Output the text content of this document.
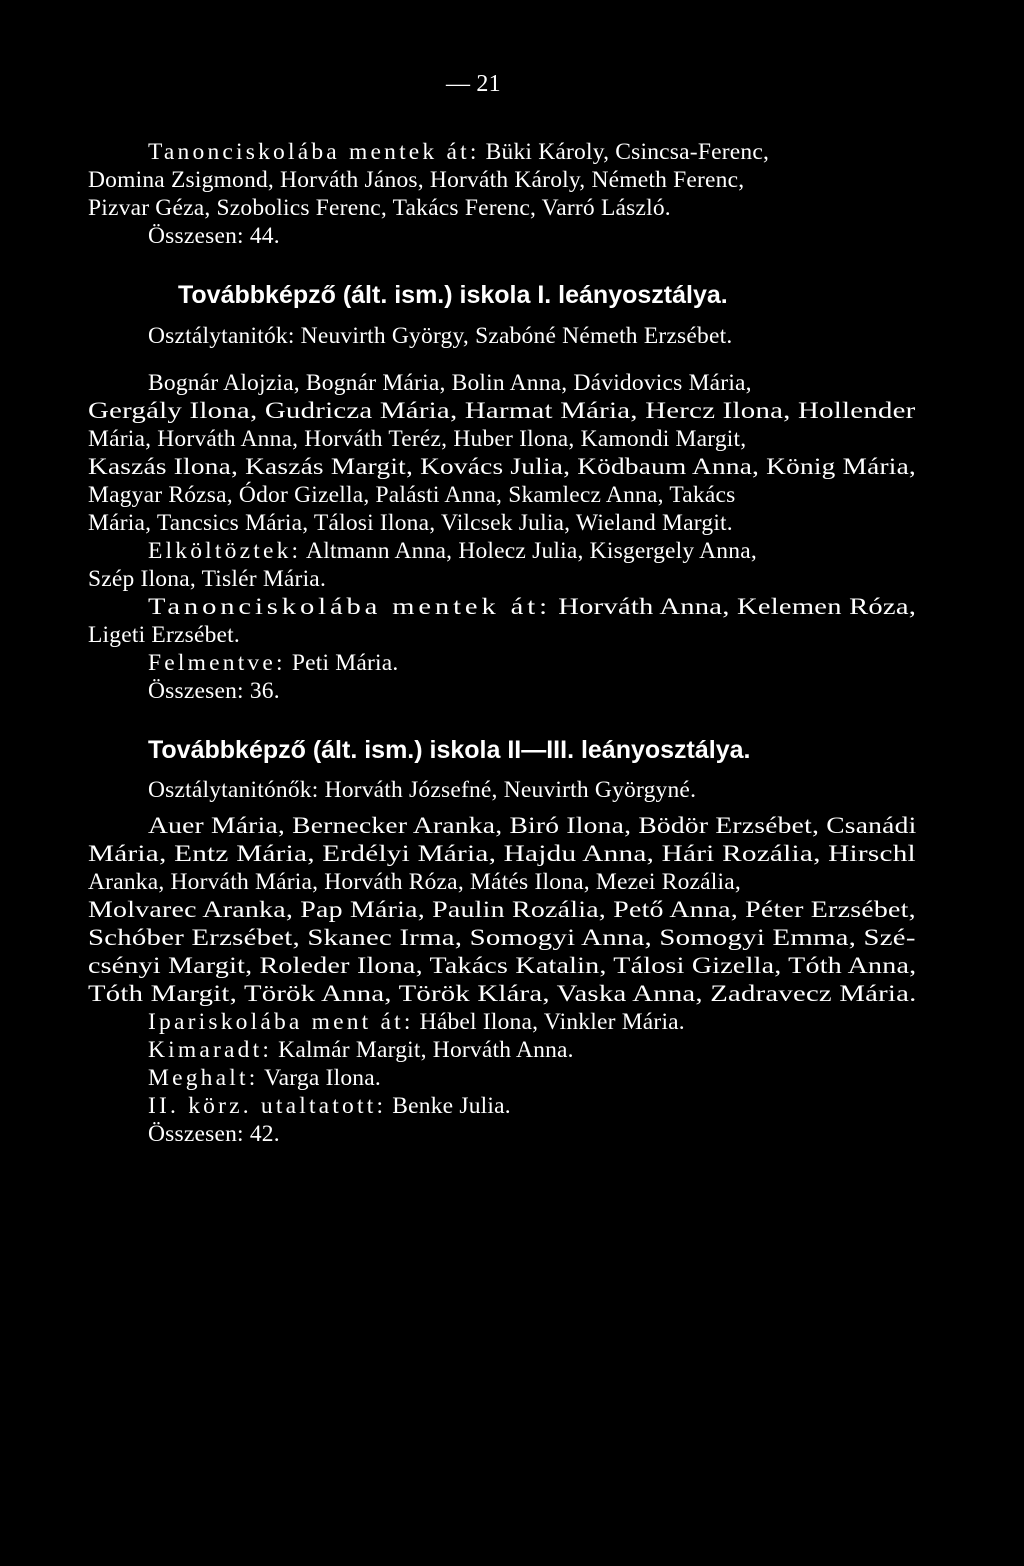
— 21
Tanonciskolába mentek át: Büki Károly, Csincsa-Ferenc,
Domina Zsigmond, Horváth János, Horváth Károly, Németh Ferenc,
Pizvar Géza, Szobolics Ferenc, Takács Ferenc, Varró László.
Összesen: 44.
Továbbképző (ált. ism.) iskola I. leányosztálya.
Osztálytanitók: Neuvirth György, Szabóné Németh Erzsébet.
Bognár Alojzia, Bognár Mária, Bolin Anna, Dávidovics Mária,
Gergály Ilona, Gudricza Mária, Harmat Mária, Hercz Ilona, Hollender
Mária, Horváth Anna, Horváth Teréz, Huber Ilona, Kamondi Margit,
Kaszás Ilona, Kaszás Margit, Kovács Julia, Ködbaum Anna, König Mária,
Magyar Rózsa, Ódor Gizella, Palásti Anna, Skamlecz Anna, Takács
Mária, Tancsics Mária, Tálosi Ilona, Vilcsek Julia, Wieland Margit.
Elköltöztek: Altmann Anna, Holecz Julia, Kisgergely Anna,
Szép Ilona, Tislér Mária.
Tanonciskolába mentek át: Horváth Anna, Kelemen Róza,
Ligeti Erzsébet.
Felmentve: Peti Mária.
Összesen: 36.
Továbbképző (ált. ism.) iskola II—III. leányosztálya.
Osztálytanitónők: Horváth Józsefné, Neuvirth Györgyné.
Auer Mária, Bernecker Aranka, Biró Ilona, Bödör Erzsébet, Csanádi
Mária, Entz Mária, Erdélyi Mária, Hajdu Anna, Hári Rozália, Hirschl
Aranka, Horváth Mária, Horváth Róza, Mátés Ilona, Mezei Rozália,
Molvarec Aranka, Pap Mária, Paulin Rozália, Pető Anna, Péter Erzsébet,
Schóber Erzsébet, Skanec Irma, Somogyi Anna, Somogyi Emma, Szé-
csényi Margit, Roleder Ilona, Takács Katalin, Tálosi Gizella, Tóth Anna,
Tóth Margit, Török Anna, Török Klára, Vaska Anna, Zadravecz Mária.
Ipariskolába ment át: Hábel Ilona, Vinkler Mária.
Kimaradt: Kalmár Margit, Horváth Anna.
Meghalt: Varga Ilona.
II. körz. utaltatott: Benke Julia.
Összesen: 42.
